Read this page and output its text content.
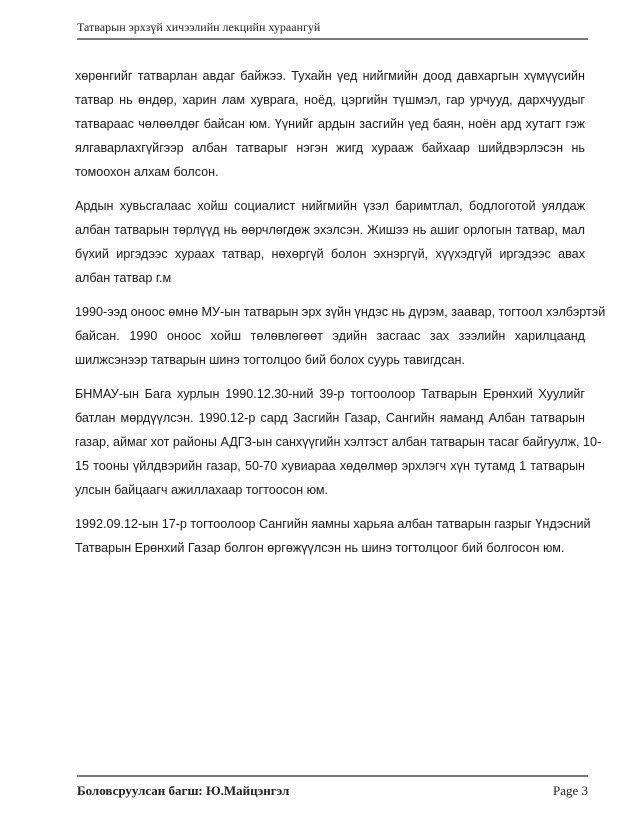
Татварын эрхзүй хичээлийн лекцийн хураангуй

хөрөнгийг татварлан авдаг байжээ. Тухайн үед нийгмийн доод давхаргын хүмүүсийн
татвар нь өндөр, харин лам хуврага, ноёд, цэргийн түшмэл, гар урчууд, дархчуудыг
татвараас чөлөөлдөг байсан юм. Үүнийг ардын засгийн үед баян, ноён ард хутагт гэж
ялгаварлахгүйгээр албан татварыг нэгэн жигд хурааж байхаар шийдвэрлэсэн нь
томоохон алхам болсон.

Ардын хувьсгалаас хойш социалист нийгмийн үзэл баримтлал, бодлоготой уялдаж
албан татварын төрлүүд нь өөрчлөгдөж эхэлсэн. Жишээ нь ашиг орлогын татвар, мал
бүхий иргэдээс хураах татвар, нөхөргүй болон эхнэргүй, хүүхэдгүй иргэдээс авах
албан татвар г.м

1990-ээд оноос өмнө МУ-ын татварын эрх зүйн үндэс нь дүрэм, заавар, тогтоол хэлбэртэй
байсан. 1990 оноос хойш төлөвлөгөөт эдийн засгаас зах зээлийн харилцаанд
шилжсэнээр татварын шинэ тогтолцоо бий болох суурь тавигдсан.

БНМАУ-ын Бага хурлын 1990.12.30-ний 39-р тогтоолоор Татварын Ерөнхий Хуулийг
батлан мөрдүүлсэн. 1990.12-р сард Засгийн Газар, Сангийн яаманд Албан татварын
газар, аймаг хот районы АДГЗ-ын санхүүгийн хэлтэст албан татварын тасаг байгуулж, 10-
15 тооны үйлдвэрийн газар, 50-70 хувиараа хөдөлмөр эрхлэгч хүн тутамд 1 татварын
улсын байцаагч ажиллахаар тогтоосон юм.

1992.09.12-ын 17-р тогтоолоор Сангийн яамны харьяа албан татварын газрыг Үндэсний
Татварын Ерөнхий Газар болгон өргөжүүлсэн нь шинэ тогтолцоог бий болгосон юм.

Боловсруулсан багш: Ю.Майцэнгэл	Page 3
